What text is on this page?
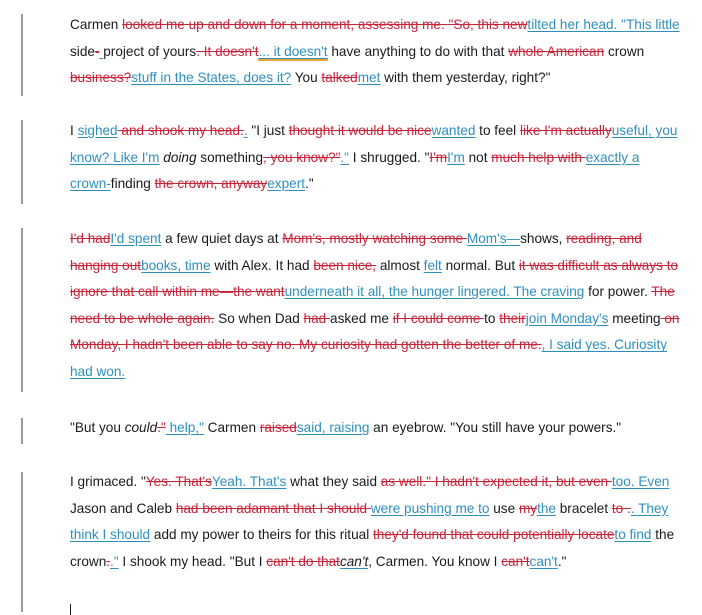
Carmen looked me up and down for a moment, assessing me. "So, this newtilted her head. "This little side- project of yours. It doesn't... it doesn't have anything to do with that whole American crown business?stuff in the States, does it? You talkedmet with them yesterday, right?"

I sighed and shook my head.. "I just thought it would be nicewanted to feel like I'm actuallyuseful, you know? Like I'm doing something, you know?"." I shrugged. "I'mI'm not much help with exactly a crown-finding the crown, anywayexpert."

I'd hadI'd spent a few quiet days at Mom's, mostly watching some Mom's—shows, reading, and hanging outbooks, time with Alex. It had been nice, almost felt normal. But it was difficult as always to ignore that call within me—the wantunderneath it all, the hunger lingered. The craving for power. The need to be whole again. So when Dad had asked me if I could come to theirjoin Monday's meeting on Monday, I hadn't been able to say no. My curiosity had gotten the better of me., I said yes. Curiosity had won.

"But you could." help," Carmen raisedsaid, raising an eyebrow. "You still have your powers."

I grimaced. "Yes. That'sYeah. That's what they said as well." I hadn't expected it, but even too. Even Jason and Caleb had been adamant that I should were pushing me to use mythe bracelet to .. They think I should add my power to theirs for this ritual they'd found that could potentially locateto find the crown.." I shook my head. "But I can't do thatcan't, Carmen. You know I can'tcan't."
